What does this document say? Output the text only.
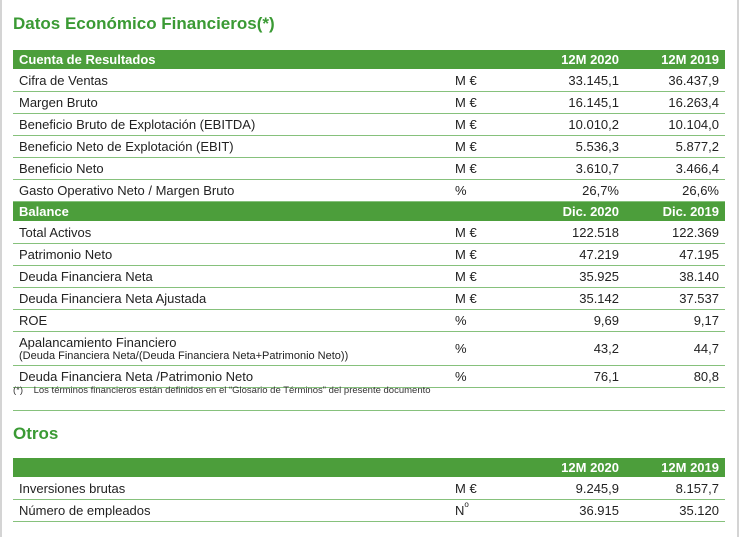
Datos Económico Financieros(*)
Cuenta de Resultados		12M 2020	12M 2019
Cifra de Ventas	M €	33.145,1	36.437,9
Margen Bruto	M €	16.145,1	16.263,4
Beneficio Bruto de Explotación (EBITDA)	M €	10.010,2	10.104,0
Beneficio Neto de Explotación (EBIT)	M €	5.536,3	5.877,2
Beneficio Neto	M €	3.610,7	3.466,4
Gasto Operativo Neto / Margen Bruto	%	26,7%	26,6%
Balance		Dic. 2020	Dic. 2019
Total Activos	M €	122.518	122.369
Patrimonio Neto	M €	47.219	47.195
Deuda Financiera Neta	M €	35.925	38.140
Deuda Financiera Neta Ajustada	M €	35.142	37.537
ROE	%	9,69	9,17

Apalancamiento Financiero
(Deuda Financiera Neta/(Deuda Financiera Neta+Patrimonio Neto))	%	43,2	44,7
Deuda Financiera Neta /Patrimonio Neto	%	76,1	80,8
(*) Los términos financieros están definidos en el “Glosario de Términos” del presente documento
Otros
		12M 2020	12M 2019
Inversiones brutas	M €	9.245,9	8.157,7
Número de empleados	$N^o$	36.915	35.120
